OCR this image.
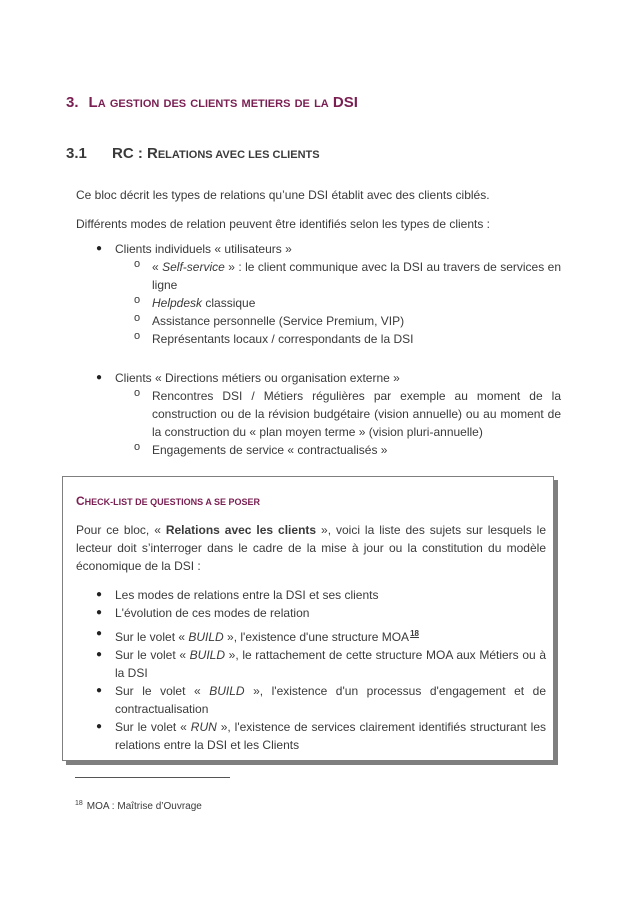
3. LA GESTION DES CLIENTS METIERS DE LA DSI
3.1 RC : RELATIONS AVEC LES CLIENTS
Ce bloc décrit les types de relations qu’une DSI établit avec des clients ciblés.
Différents modes de relation peuvent être identifiés selon les types de clients :
● Clients individuels « utilisateurs »
o « Self-service » : le client communique avec la DSI au travers de services en ligne
o Helpdesk classique
o Assistance personnelle (Service Premium, VIP)
o Représentants locaux / correspondants de la DSI
● Clients « Directions métiers ou organisation externe »
o Rencontres DSI / Métiers régulières par exemple au moment de la construction ou de la révision budgétaire (vision annuelle) ou au moment de la construction du « plan moyen terme » (vision pluri-annuelle)
o Engagements de service « contractualisés »
CHECK-LIST DE QUESTIONS A SE POSER
Pour ce bloc, « Relations avec les clients », voici la liste des sujets sur lesquels le lecteur doit s’interroger dans le cadre de la mise à jour ou la constitution du modèle économique de la DSI :
● Les modes de relations entre la DSI et ses clients
● L'évolution de ces modes de relation
● Sur le volet « BUILD », l'existence d'une structure MOA$^{18}$
● Sur le volet « BUILD », le rattachement de cette structure MOA aux Métiers ou à la DSI
● Sur le volet « BUILD », l'existence d'un processus d'engagement et de contractualisation
● Sur le volet « RUN », l'existence de services clairement identifiés structurant les relations entre la DSI et les Clients
$^{18}$ MOA : Maîtrise d’Ouvrage
